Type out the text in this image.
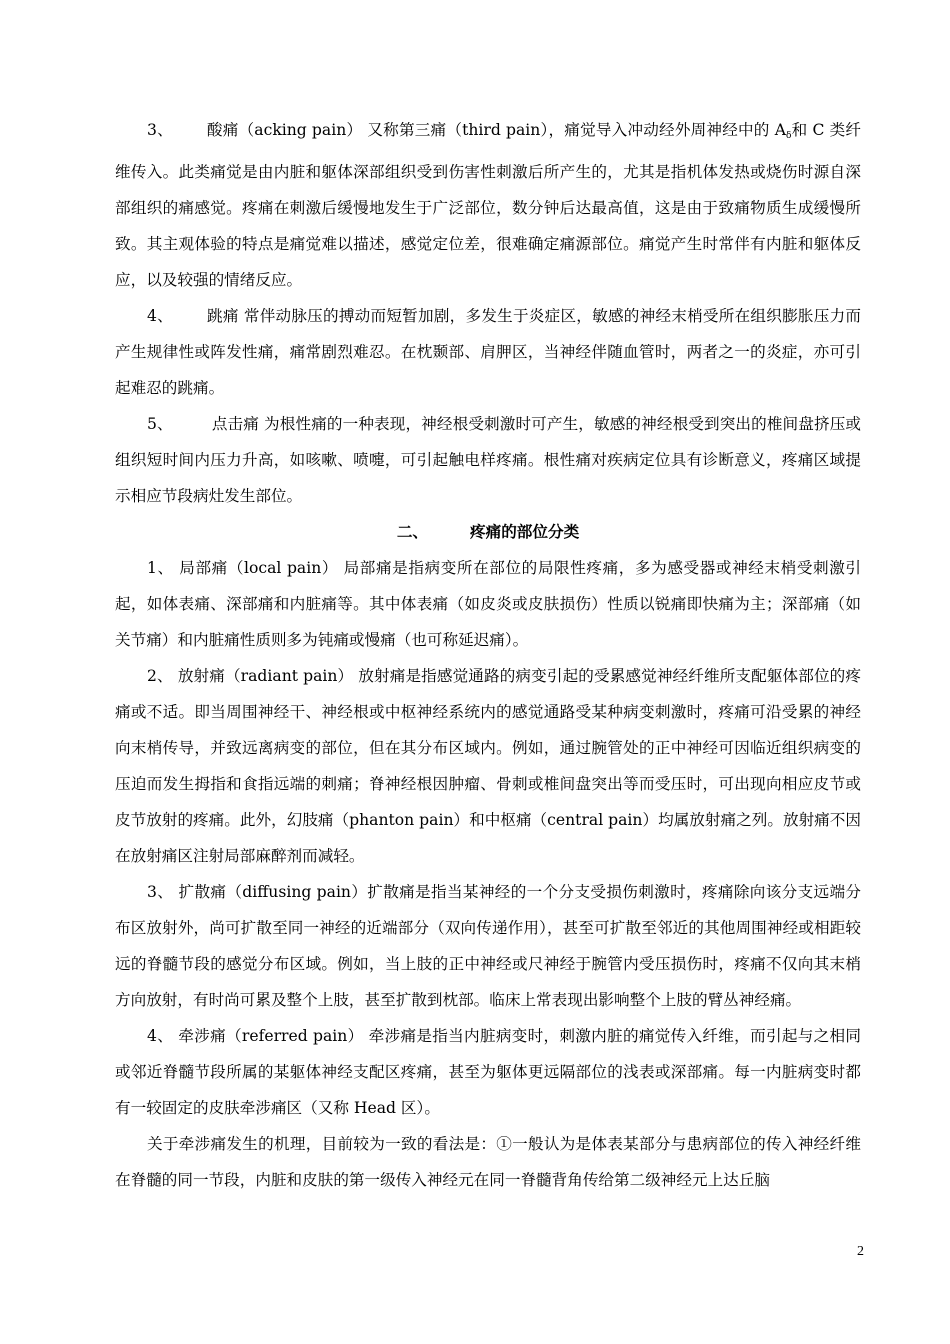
3、 酸痛（acking pain） 又称第三痛（third pain），痛觉导入冲动经外周神经中的 $A_\delta$和 C 类纤维传入。此类痛觉是由内脏和躯体深部组织受到伤害性刺激后所产生的，尤其是指机体发热或烧伤时源自深部组织的痛感觉。疼痛在刺激后缓慢地发生于广泛部位，数分钟后达最高值，这是由于致痛物质生成缓慢所致。其主观体验的特点是痛觉难以描述，感觉定位差，很难确定痛源部位。痛觉产生时常伴有内脏和躯体反应，以及较强的情绪反应。

4、 跳痛 常伴动脉压的搏动而短暂加剧，多发生于炎症区，敏感的神经末梢受所在组织膨胀压力而产生规律性或阵发性痛，痛常剧烈难忍。在枕颞部、肩胛区，当神经伴随血管时，两者之一的炎症，亦可引起难忍的跳痛。

5、 点击痛 为根性痛的一种表现，神经根受刺激时可产生，敏感的神经根受到突出的椎间盘挤压或组织短时间内压力升高，如咳嗽、喷嚏，可引起触电样疼痛。根性痛对疾病定位具有诊断意义，疼痛区域提示相应节段病灶发生部位。

二、	疼痛的部位分类

1、 局部痛（local pain） 局部痛是指病变所在部位的局限性疼痛，多为感受器或神经末梢受刺激引起，如体表痛、深部痛和内脏痛等。其中体表痛（如皮炎或皮肤损伤）性质以锐痛即快痛为主；深部痛（如关节痛）和内脏痛性质则多为钝痛或慢痛（也可称延迟痛）。

2、 放射痛（radiant pain） 放射痛是指感觉通路的病变引起的受累感觉神经纤维所支配躯体部位的疼痛或不适。即当周围神经干、神经根或中枢神经系统内的感觉通路受某种病变刺激时，疼痛可沿受累的神经向末梢传导，并致远离病变的部位，但在其分布区域内。例如，通过腕管处的正中神经可因临近组织病变的压迫而发生拇指和食指远端的刺痛；脊神经根因肿瘤、骨刺或椎间盘突出等而受压时，可出现向相应皮节或皮节放射的疼痛。此外，幻肢痛（phanton pain）和中枢痛（central pain）均属放射痛之列。放射痛不因在放射痛区注射局部麻醉剂而减轻。

3、 扩散痛（diffusing pain）扩散痛是指当某神经的一个分支受损伤刺激时，疼痛除向该分支远端分布区放射外，尚可扩散至同一神经的近端部分（双向传递作用），甚至可扩散至邻近的其他周围神经或相距较远的脊髓节段的感觉分布区域。例如，当上肢的正中神经或尺神经于腕管内受压损伤时，疼痛不仅向其末梢方向放射，有时尚可累及整个上肢，甚至扩散到枕部。临床上常表现出影响整个上肢的臂丛神经痛。

4、 牵涉痛（referred pain） 牵涉痛是指当内脏病变时，刺激内脏的痛觉传入纤维，而引起与之相同或邻近脊髓节段所属的某躯体神经支配区疼痛，甚至为躯体更远隔部位的浅表或深部痛。每一内脏病变时都有一较固定的皮肤牵涉痛区（又称 Head 区）。

关于牵涉痛发生的机理，目前较为一致的看法是：①一般认为是体表某部分与患病部位的传入神经纤维在脊髓的同一节段，内脏和皮肤的第一级传入神经元在同一脊髓背角传给第二级神经元上达丘脑

2
